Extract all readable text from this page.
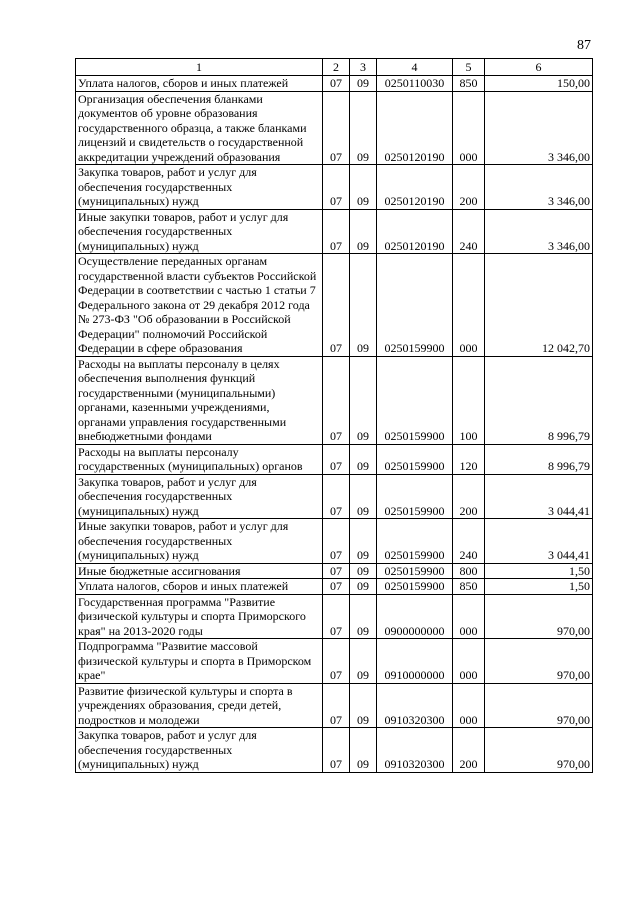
87
1	2	3	4	5	6
Уплата налогов, сборов и иных платежей	07	09	0250110030	850	150,00
Организация обеспечения бланками документов об уровне образования государственного образца, а также бланками лицензий и свидетельств о государственной аккредитации учреждений образования	07	09	0250120190	000	3 346,00
Закупка товаров, работ и услуг для обеспечения государственных (муниципальных) нужд	07	09	0250120190	200	3 346,00
Иные закупки товаров, работ и услуг для обеспечения государственных (муниципальных) нужд	07	09	0250120190	240	3 346,00
Осуществление переданных органам государственной власти субъектов Российской Федерации в соответствии с частью 1 статьи 7 Федерального закона от 29 декабря 2012 года № 273-ФЗ "Об образовании в Российской Федерации" полномочий Российской Федерации в сфере образования	07	09	0250159900	000	12 042,70
Расходы на выплаты персоналу в целях обеспечения выполнения функций государственными (муниципальными) органами, казенными учреждениями, органами управления государственными внебюджетными фондами	07	09	0250159900	100	8 996,79
Расходы на выплаты персоналу государственных (муниципальных) органов	07	09	0250159900	120	8 996,79
Закупка товаров, работ и услуг для обеспечения государственных (муниципальных) нужд	07	09	0250159900	200	3 044,41
Иные закупки товаров, работ и услуг для обеспечения государственных (муниципальных) нужд	07	09	0250159900	240	3 044,41
Иные бюджетные ассигнования	07	09	0250159900	800	1,50
Уплата налогов, сборов и иных платежей	07	09	0250159900	850	1,50
Государственная программа "Развитие физической культуры и спорта Приморского края" на 2013-2020 годы	07	09	0900000000	000	970,00
Подпрограмма "Развитие массовой физической культуры и спорта в Приморском крае"	07	09	0910000000	000	970,00
Развитие физической культуры и спорта в учреждениях образования, среди детей, подростков и молодежи	07	09	0910320300	000	970,00
Закупка товаров, работ и услуг для обеспечения государственных (муниципальных) нужд	07	09	0910320300	200	970,00
